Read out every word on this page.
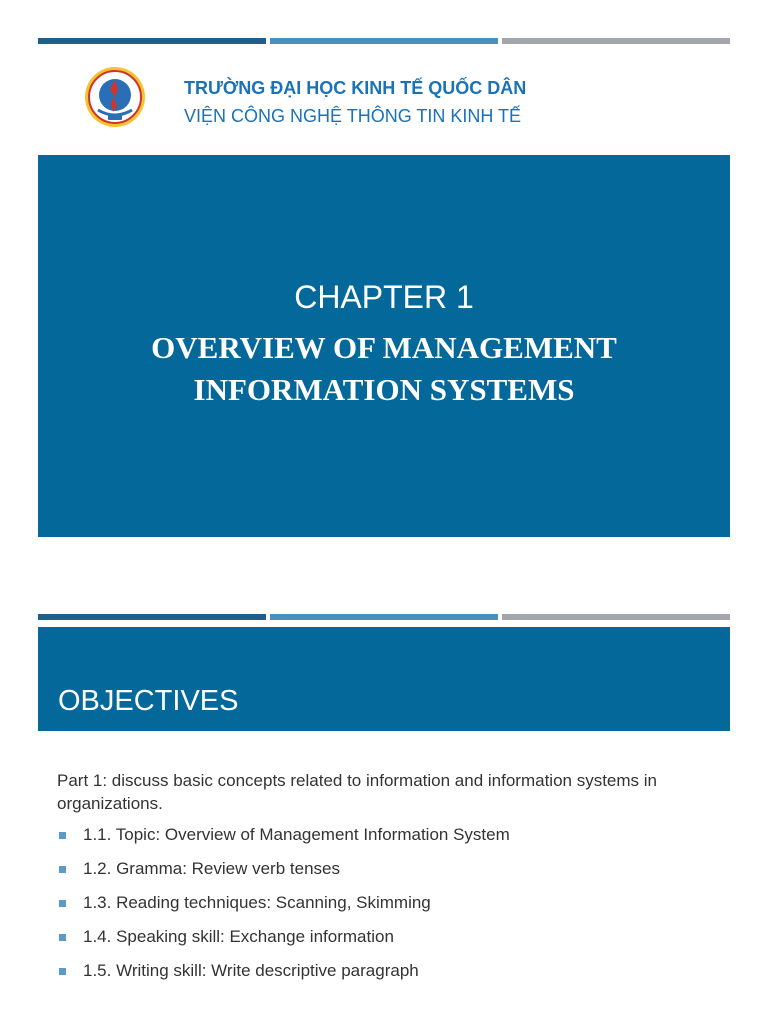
TRƯỜNG ĐẠI HỌC KINH TẾ QUỐC DÂN
VIỆN CÔNG NGHỆ THÔNG TIN KINH TẾ
CHAPTER 1
OVERVIEW OF MANAGEMENT INFORMATION SYSTEMS
OBJECTIVES
Part 1: discuss basic concepts related to information and information systems in organizations.
1.1. Topic: Overview of Management Information System
1.2. Gramma: Review verb tenses
1.3. Reading techniques: Scanning, Skimming
1.4. Speaking skill: Exchange information
1.5. Writing skill: Write descriptive paragraph
